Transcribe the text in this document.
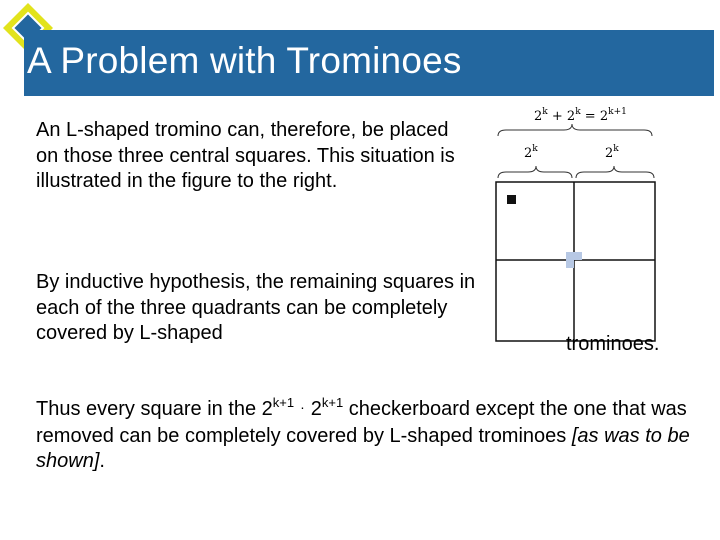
A Problem with Trominoes

An L-shaped tromino can, therefore, be placed on those three central squares. This situation is illustrated in the figure to the right.

By inductive hypothesis, the remaining squares in each of the three quadrants can be completely covered by L-shaped

$2^k + 2^k = 2^{k+1}$
2$^k$	2$^k$
trominoes.

Thus every square in the $2^{k+1} \cdot 2^{k+1}$ checkerboard except the one that was removed can be completely covered by L-shaped trominoes [as was to be shown].
